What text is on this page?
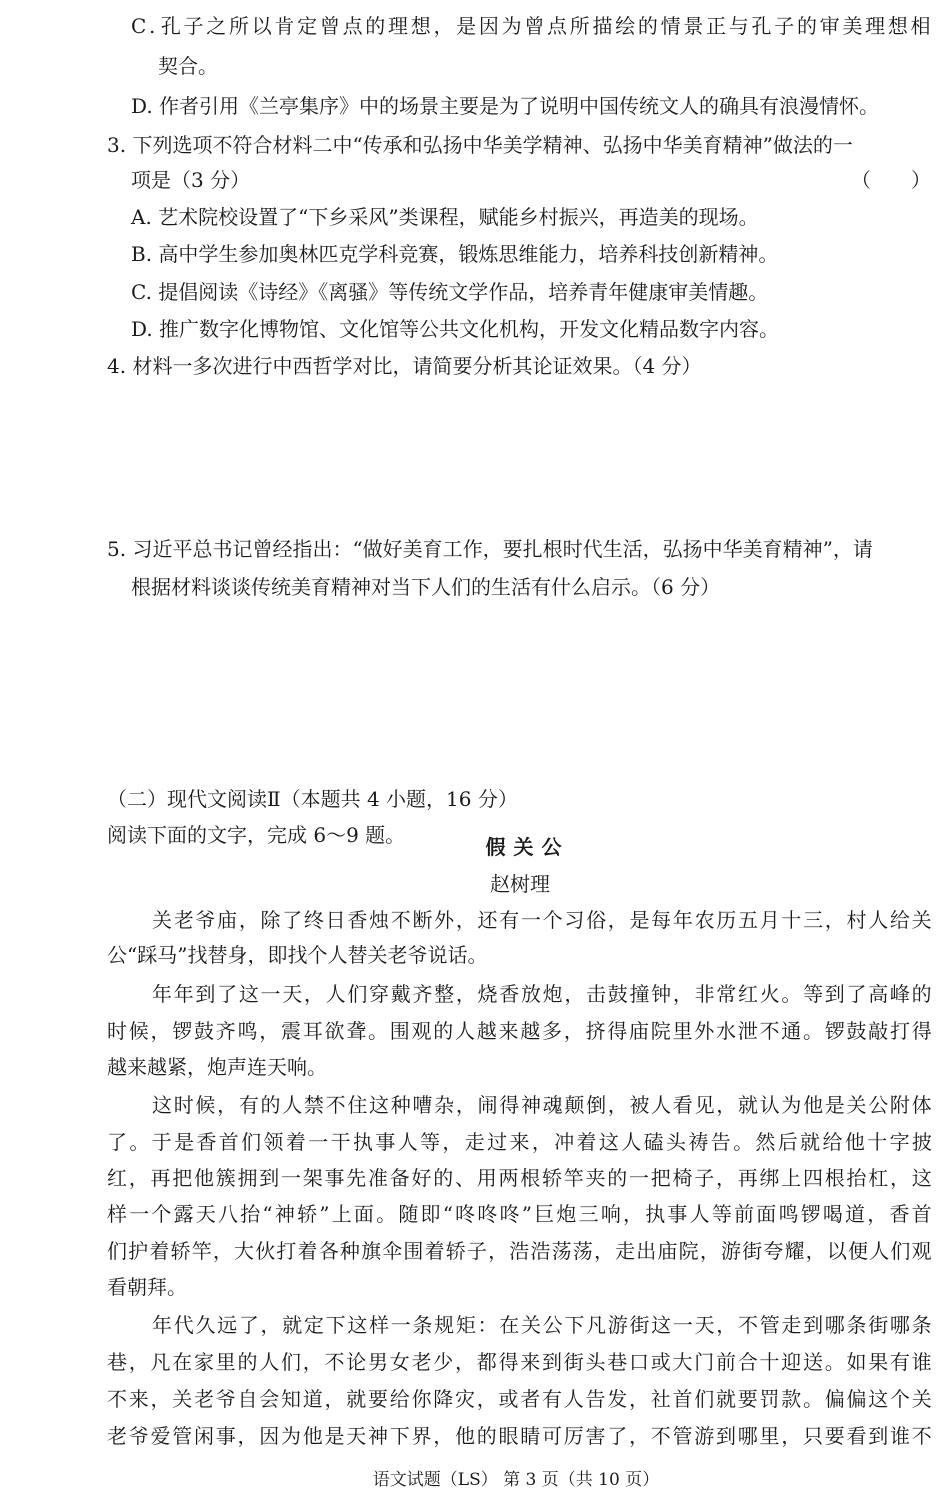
C . 孔 子 之 所 以 肯 定 曾 点 的 理 想 ， 是 因 为 曾 点 所 描 绘 的 情 景 正 与 孔 子 的 审 美 理 想 相
契合。
D. 作者引用《兰亭集序》中的场景主要是为了说明中国传统文人的确具有浪漫情怀。
3. 下列选项不符合材料二中“传承和弘扬中华美学精神、弘扬中华美育精神”做法的一
项是（3 分）	（　　）
A. 艺术院校设置了“下乡采风”类课程，赋能乡村振兴，再造美的现场。
B. 高中学生参加奥林匹克学科竞赛，锻炼思维能力，培养科技创新精神。
C. 提倡阅读《诗经》《离骚》等传统文学作品，培养青年健康审美情趣。
D. 推广数字化博物馆、文化馆等公共文化机构，开发文化精品数字内容。
4. 材料一多次进行中西哲学对比，请简要分析其论证效果。（4 分）
5. 习近平总书记曾经指出：“做好美育工作，要扎根时代生活，弘扬中华美育精神”，请
根据材料谈谈传统美育精神对当下人们的生活有什么启示。（6 分）
（二）现代文阅读Ⅱ（本题共 4 小题，16 分）
阅读下面的文字，完成 6～9 题。	假关公
赵树理
关 老 爷 庙 ， 除 了 终 日 香 烛 不 断 外 ， 还 有 一 个 习 俗 ， 是 每 年 农 历 五 月 十 三 ， 村 人 给 关
公“踩马”找替身，即找个人替关老爷说话。
年 年 到 了 这 一 天 ， 人 们 穿 戴 齐 整 ， 烧 香 放 炮 ， 击 鼓 撞 钟 ， 非 常 红 火 。 等 到 了 高 峰 的
时 候 ， 锣 鼓 齐 鸣 ， 震 耳 欲 聋 。 围 观 的 人 越 来 越 多 ， 挤 得 庙 院 里 外 水 泄 不 通 。 锣 鼓 敲 打 得
越来越紧，炮声连天响。
这 时 候 ， 有 的 人 禁 不 住 这 种 嘈 杂 ， 闹 得 神 魂 颠 倒 ， 被 人 看 见 ， 就 认 为 他 是 关 公 附 体
了 。 于 是 香 首 们 领 着 一 干 执 事 人 等 ， 走 过 来 ， 冲 着 这 人 磕 头 祷 告 。 然 后 就 给 他 十 字 披
红 ， 再 把 他 簇 拥 到 一 架 事 先 准 备 好 的 、 用 两 根 轿 竿 夹 的 一 把 椅 子 ， 再 绑 上 四 根 抬 杠 ， 这
样 一 个 露 天 八 抬 “ 神 轿 ” 上 面 。 随 即 “ 咚 咚 咚 ” 巨 炮 三 响 ， 执 事 人 等 前 面 鸣 锣 喝 道 ， 香 首
们 护 着 轿 竿 ， 大 伙 打 着 各 种 旗 伞 围 着 轿 子 ， 浩 浩 荡 荡 ， 走 出 庙 院 ， 游 街 夸 耀 ， 以 便 人 们 观
看朝拜。
年 代 久 远 了 ， 就 定 下 这 样 一 条 规 矩 ： 在 关 公 下 凡 游 街 这 一 天 ， 不 管 走 到 哪 条 街 哪 条
巷 ， 凡 在 家 里 的 人 们 ， 不 论 男 女 老 少 ， 都 得 来 到 街 头 巷 口 或 大 门 前 合 十 迎 送 。 如 果 有 谁
不 来 ， 关 老 爷 自 会 知 道 ， 就 要 给 你 降 灾 ， 或 者 有 人 告 发 ， 社 首 们 就 要 罚 款 。 偏 偏 这 个 关
老 爷 爱 管 闲 事 ， 因 为 他 是 天 神 下 界 ， 他 的 眼 睛 可 厉 害 了 ， 不 管 游 到 哪 里 ， 只 要 看 到 谁 不
语文试题（LS） 第 3 页（共 10 页）
